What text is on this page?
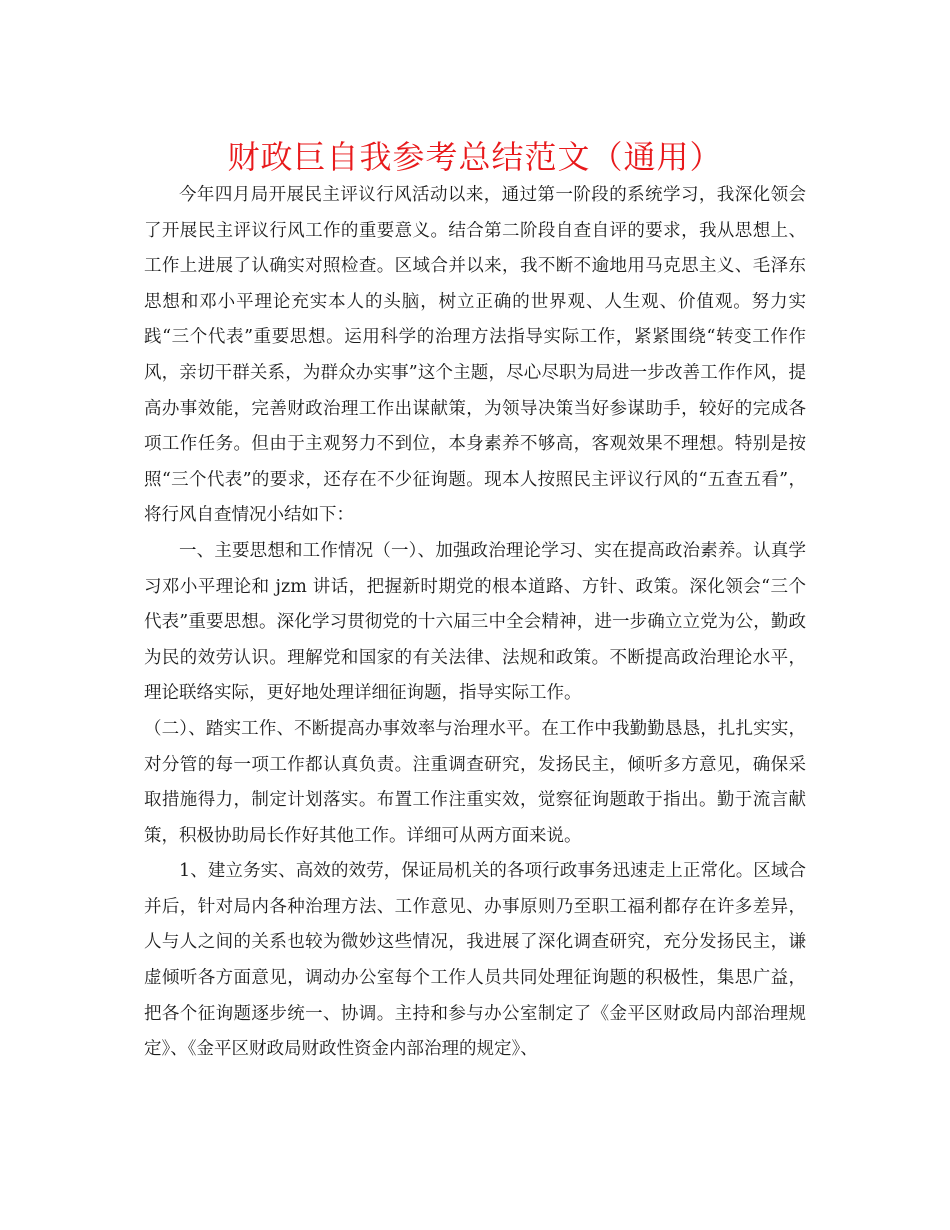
财政巨自我参考总结范文（通用）

今年四月局开展民主评议行风活动以来，通过第一阶段的系统学习，我深化领会了开展民主评议行风工作的重要意义。结合第二阶段自查自评的要求，我从思想上、工作上进展了认确实对照检查。区域合并以来，我不断不逾地用马克思主义、毛泽东思想和邓小平理论充实本人的头脑，树立正确的世界观、人生观、价值观。努力实践“三个代表”重要思想。运用科学的治理方法指导实际工作，紧紧围绕“转变工作作风，亲切干群关系，为群众办实事”这个主题，尽心尽职为局进一步改善工作作风，提高办事效能，完善财政治理工作出谋献策，为领导决策当好参谋助手，较好的完成各项工作任务。但由于主观努力不到位，本身素养不够高，客观效果不理想。特别是按照“三个代表”的要求，还存在不少征询题。现本人按照民主评议行风的“五查五看”，将行风自查情况小结如下：

一、主要思想和工作情况（一）、加强政治理论学习、实在提高政治素养。认真学习邓小平理论和 jzm 讲话，把握新时期党的根本道路、方针、政策。深化领会“三个代表”重要思想。深化学习贯彻党的十六届三中全会精神，进一步确立立党为公，勤政为民的效劳认识。理解党和国家的有关法律、法规和政策。不断提高政治理论水平，理论联络实际，更好地处理详细征询题，指导实际工作。

（二）、踏实工作、不断提高办事效率与治理水平。在工作中我勤勤恳恳，扎扎实实，对分管的每一项工作都认真负责。注重调查研究，发扬民主，倾听多方意见，确保采取措施得力，制定计划落实。布置工作注重实效，觉察征询题敢于指出。勤于流言献策，积极协助局长作好其他工作。详细可从两方面来说。

1、建立务实、高效的效劳，保证局机关的各项行政事务迅速走上正常化。区域合并后，针对局内各种治理方法、工作意见、办事原则乃至职工福利都存在许多差异，人与人之间的关系也较为微妙这些情况，我进展了深化调查研究，充分发扬民主，谦虚倾听各方面意见，调动办公室每个工作人员共同处理征询题的积极性，集思广益，把各个征询题逐步统一、协调。主持和参与办公室制定了《金平区财政局内部治理规定》、《金平区财政局财政性资金内部治理的规定》、
